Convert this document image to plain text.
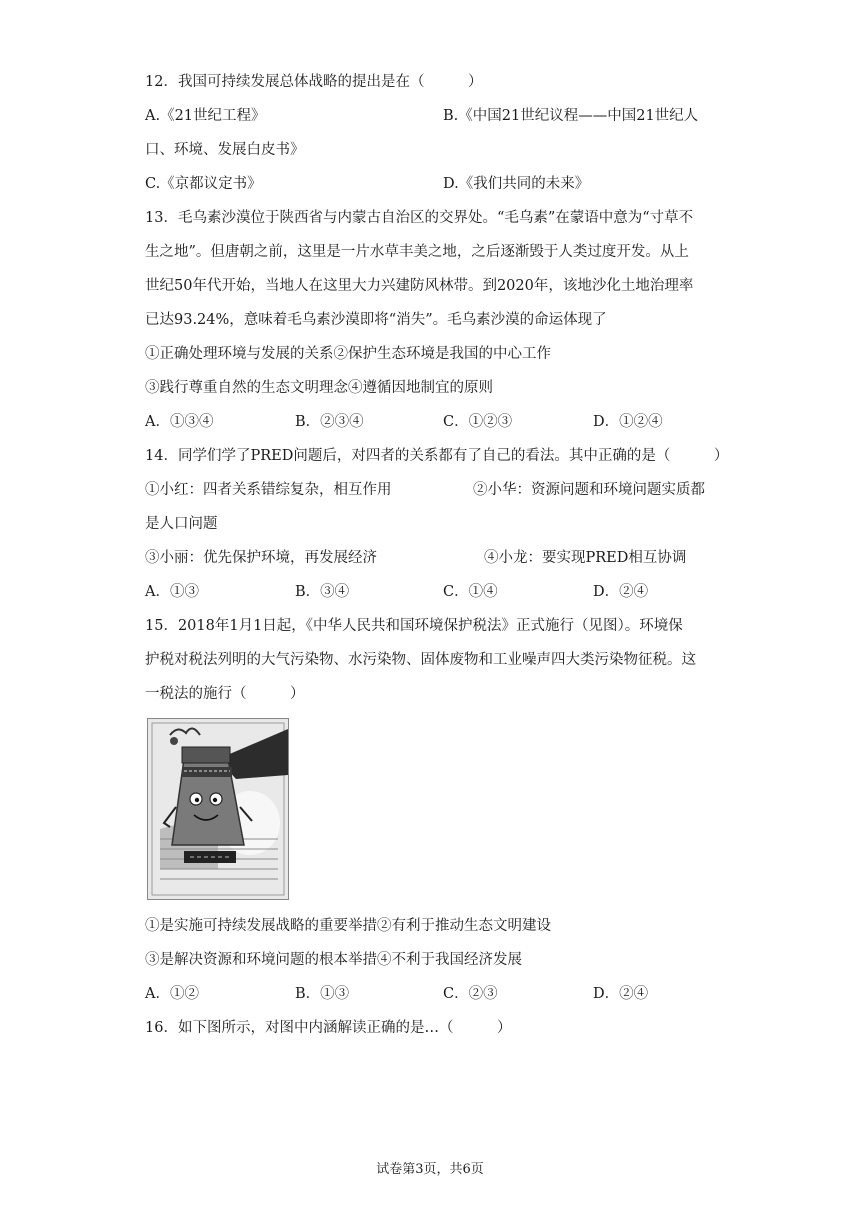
12．我国可持续发展总体战略的提出是在（　　　）
A.《21世纪工程》	B.《中国21世纪议程——中国21世纪人
口、环境、发展白皮书》
C.《京都议定书》	D.《我们共同的未来》
13．毛乌素沙漠位于陕西省与内蒙古自治区的交界处。“毛乌素”在蒙语中意为“寸草不
生之地”。但唐朝之前，这里是一片水草丰美之地，之后逐渐毁于人类过度开发。从上
世纪50年代开始，当地人在这里大力兴建防风林带。到2020年，该地沙化土地治理率
已达93.24%，意味着毛乌素沙漠即将“消失”。毛乌素沙漠的命运体现了
①正确处理环境与发展的关系②保护生态环境是我国的中心工作
③践行尊重自然的生态文明理念④遵循因地制宜的原则
A．①③④	B．②③④	C．①②③	D．①②④
14．同学们学了PRED问题后，对四者的关系都有了自己的看法。其中正确的是（　　　）
①小红：四者关系错综复杂，相互作用	②小华：资源问题和环境问题实质都
是人口问题
③小丽：优先保护环境，再发展经济	④小龙：要实现PRED相互协调
A．①③	B．③④	C．①④	D．②④
15．2018年1月1日起，《中华人民共和国环境保护税法》正式施行（见图）。环境保
护税对税法列明的大气污染物、水污染物、固体废物和工业噪声四大类污染物征税。这
一税法的施行（　　　）
①是实施可持续发展战略的重要举措②有利于推动生态文明建设
③是解决资源和环境问题的根本举措④不利于我国经济发展
A．①②	B．①③	C．②③	D．②④
16．如下图所示，对图中内涵解读正确的是…（　　　）
试卷第3页，共6页
